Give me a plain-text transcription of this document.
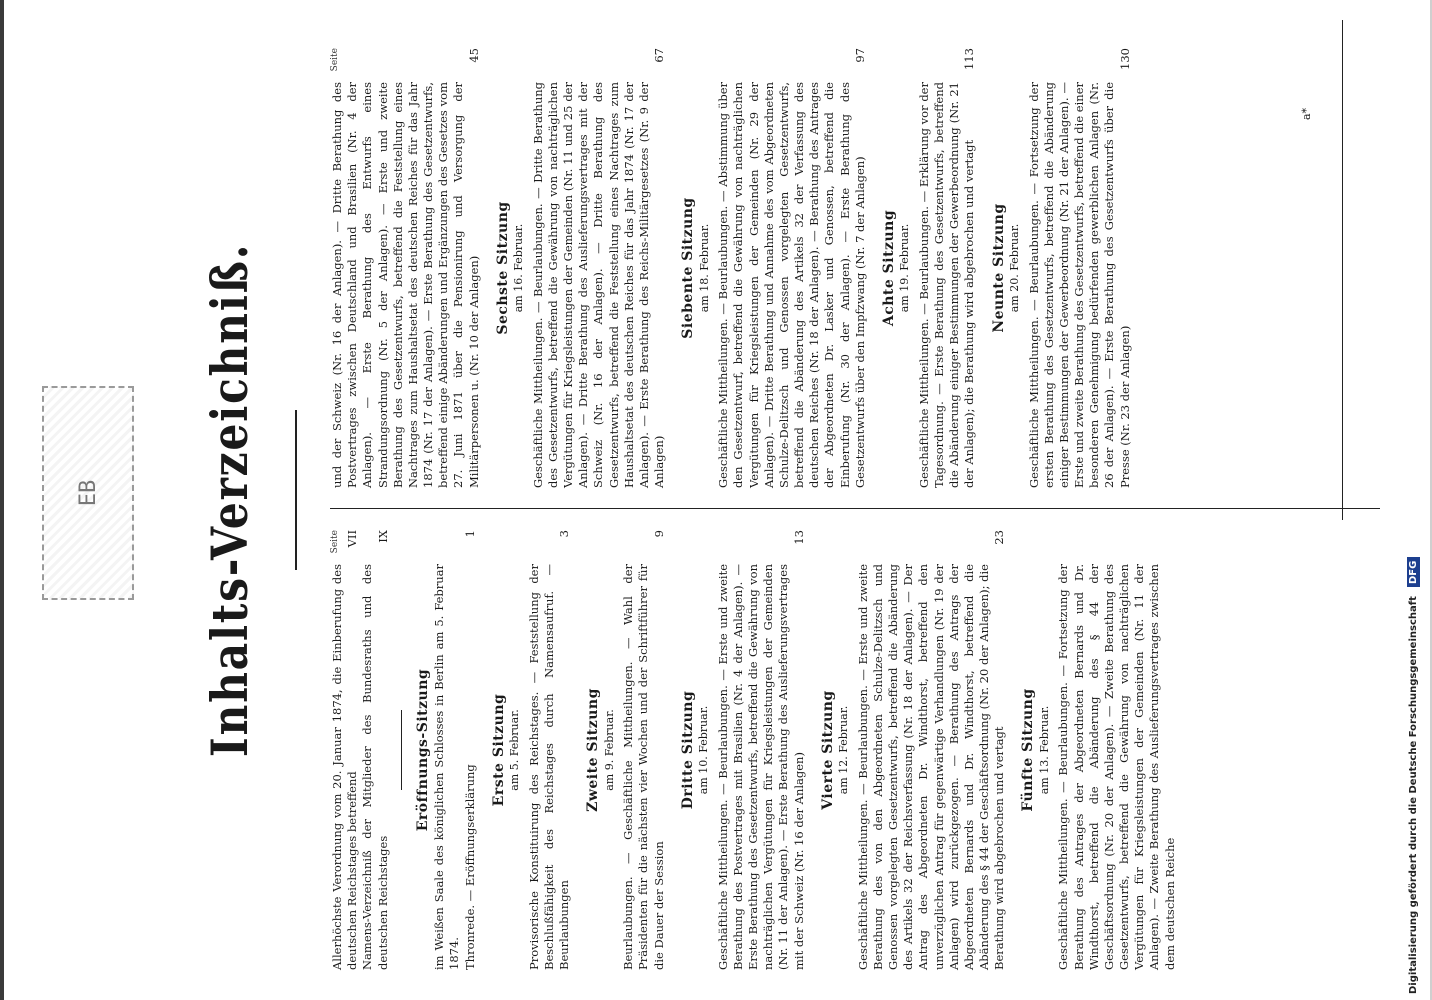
EB Inhalts-Verzeichniß.	Seite
Allerhöchste Verordnung vom 20. Januar 1874, die Einberufung des deutschen Reichstages betreffend
VII
Namens-Verzeichniß der Mitglieder des Bundesraths und des deutschen Reichstages
IX
Eröffnungs-Sitzung im Weißen Saale des königlichen Schlosses in Berlin am 5. Februar 1874. Thronrede. — Eröffnungserklärung
1
Erste Sitzung am 5. Februar. Provisorische Konstituirung des Reichstages. — Feststellung der Beschlußfähigkeit des Reichstages durch Namensaufruf. — Beurlaubungen
3
Zweite Sitzung am 9. Februar. Beurlaubungen. — Geschäftliche Mittheilungen. — Wahl der Präsidenten für die nächsten vier Wochen und der Schriftführer für die Dauer der Session
9
Dritte Sitzung am 10. Februar. Geschäftliche Mittheilungen. — Beurlaubungen. — Erste und zweite Berathung des Postvertrages mit Brasilien (Nr. 4 der Anlagen). — Erste Berathung des Gesetzentwurfs, betreffend die Gewährung von nachträglichen Vergütungen für Kriegsleistungen der Gemeinden (Nr. 11 der Anlagen). — Erste Berathung des Auslieferungsvertrages mit der Schweiz (Nr. 16 der Anlagen)
13
Vierte Sitzung am 12. Februar. Geschäftliche Mittheilungen. — Beurlaubungen. — Erste und zweite Berathung des von den Abgeordneten Schulze-Delitzsch und Genossen vorgelegten Gesetzentwurfs, betreffend die Abänderung des Artikels 32 der Reichsverfassung (Nr. 18 der Anlagen). — Der Antrag des Abgeordneten Dr. Windthorst, betreffend den unverzüglichen Antrag für gegenwärtige Verhandlungen (Nr. 19 der Anlagen) wird zurückgezogen. — Berathung des Antrags der Abgeordneten Bernards und Dr. Windthorst, betreffend die Abänderung des § 44 der Geschäftsordnung (Nr. 20 der Anlagen); die Berathung wird abgebrochen und vertagt
23
Fünfte Sitzung am 13. Februar. Geschäftliche Mittheilungen. — Beurlaubungen. — Fortsetzung der Berathung des Antrages der Abgeordneten Bernards und Dr. Windthorst, betreffend die Abänderung des § 44 der Geschäftsordnung (Nr. 20 der Anlagen). — Zweite Berathung des Gesetzentwurfs, betreffend die Gewährung von nachträglichen Vergütungen für Kriegsleistungen der Gemeinden (Nr. 11 der Anlagen). — Zweite Berathung des Auslieferungsvertrages zwischen dem deutschen Reiche
Seite
und der Schweiz (Nr. 16 der Anlagen). — Dritte Berathung des Postvertrages zwischen Deutschland und Brasilien (Nr. 4 der Anlagen). — Erste Berathung des Entwurfs eines Strandungsordnung (Nr. 5 der Anlagen). — Erste und zweite Berathung des Gesetzentwurfs, betreffend die Feststellung eines Nachtrages zum Haushaltsetat des deutschen Reiches für das Jahr 1874 (Nr. 17 der Anlagen). — Erste Berathung des Gesetzentwurfs, betreffend einige Abänderungen und Ergänzungen des Gesetzes vom 27. Juni 1871 über die Pensionirung und Versorgung der Militärpersonen u. (Nr. 10 der Anlagen)
45
Sechste Sitzung am 16. Februar. Geschäftliche Mittheilungen. — Beurlaubungen. — Dritte Berathung des Gesetzentwurfs, betreffend die Gewährung von nachträglichen Vergütungen für Kriegsleistungen der Gemeinden (Nr. 11 und 25 der Anlagen). — Dritte Berathung des Auslieferungsvertrages mit der Schweiz (Nr. 16 der Anlagen). — Dritte Berathung des Gesetzentwurfs, betreffend die Feststellung eines Nachtrages zum Haushaltsetat des deutschen Reiches für das Jahr 1874 (Nr. 17 der Anlagen). — Erste Berathung des Reichs-Militärgesetzes (Nr. 9 der Anlagen)
67
Siebente Sitzung am 18. Februar. Geschäftliche Mittheilungen. — Beurlaubungen. — Abstimmung über den Gesetzentwurf, betreffend die Gewährung von nachträglichen Vergütungen für Kriegsleistungen der Gemeinden (Nr. 29 der Anlagen). — Dritte Berathung und Annahme des vom Abgeordneten Schulze-Delitzsch und Genossen vorgelegten Gesetzentwurfs, betreffend die Abänderung des Artikels 32 der Verfassung des deutschen Reiches (Nr. 18 der Anlagen). — Berathung des Antrages der Abgeordneten Dr. Lasker und Genossen, betreffend die Einberufung (Nr. 30 der Anlagen). — Erste Berathung des Gesetzentwurfs über den Impfzwang (Nr. 7 der Anlagen)
97
Achte Sitzung am 19. Februar. Geschäftliche Mittheilungen. — Beurlaubungen. — Erklärung vor der Tagesordnung. — Erste Berathung des Gesetzentwurfs, betreffend die Abänderung einiger Bestimmungen der Gewerbeordnung (Nr. 21 der Anlagen); die Berathung wird abgebrochen und vertagt
113
Neunte Sitzung am 20. Februar. Geschäftliche Mittheilungen. — Beurlaubungen. — Fortsetzung der ersten Berathung des Gesetzentwurfs, betreffend die Abänderung einiger Bestimmungen der Gewerbeordnung (Nr. 21 der Anlagen). — Erste und zweite Berathung des Gesetzentwurfs, betreffend die einer besonderen Genehmigung bedürfenden gewerblichen Anlagen (Nr. 26 der Anlagen). — Erste Berathung des Gesetzentwurfs über die Presse (Nr. 23 der Anlagen)
130
a*
Digitalisierung gefördert durch die Deutsche Forschungsgemeinschaft DFG
